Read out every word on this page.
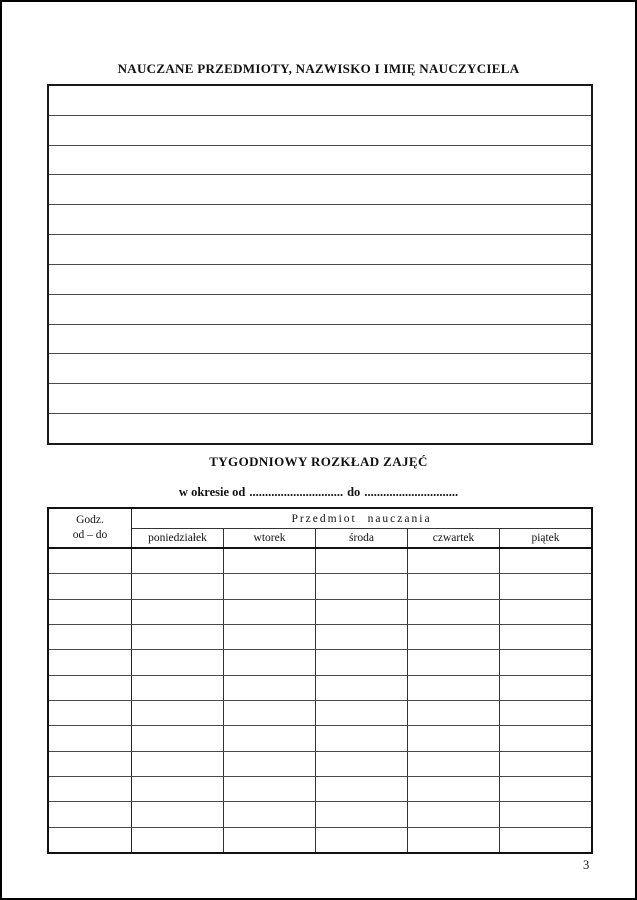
NAUCZANE PRZEDMIOTY, NAZWISKO I IMIĘ NAUCZYCIELA
TYGODNIOWY ROZKŁAD ZAJĘĆ
w okresie od .............................. do ..............................
Godz.
od – do
Przedmiot nauczania
poniedziałek	wtorek	środa	czwartek	piątek
3
